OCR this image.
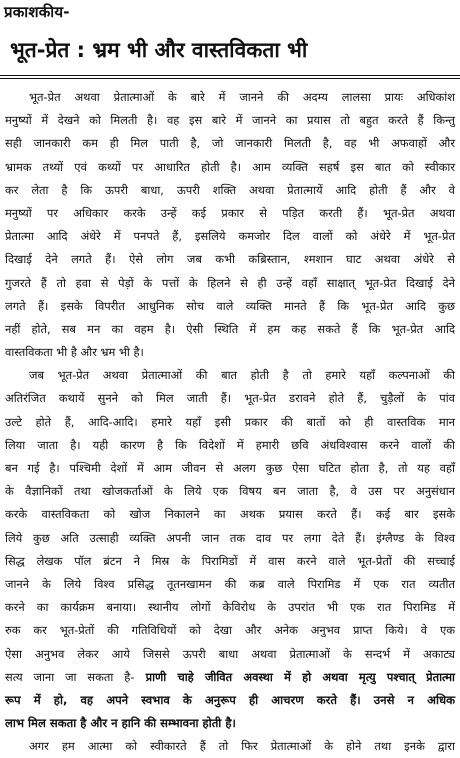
प्रकाशकीय-
भूत-प्रेत : भ्रम भी और वास्तविकता भी
भूत-प्रेत अथवा प्रेतात्माओं के बारे में जानने की अदम्य लालसा प्रायः अधिकांश
मनुष्यों में देखने को मिलती है। वह इस बारे में जानने का प्रयास तो बहुत करते हैं किन्तु
सही जानकारी कम ही मिल पाती है, जो जानकारी मिलती है, वह भी अफवाहों और
भ्रामक तथ्यों एवं कथ्यों पर आधारित होती है। आम व्यक्ति सहर्ष इस बात को स्वीकार
कर लेता है कि ऊपरी बाधा, ऊपरी शक्ति अथवा प्रेतात्मायें आदि होती हैं और वे
मनुष्यों पर अधिकार करके उन्हें कई प्रकार से पड़ित करती हैं। भूत-प्रेत अथवा
प्रेतात्मा आदि अंधेरे में पनपते हैं, इसलिये कमजोर दिल वालों को अंधेरे में भूत-प्रेत
दिखाई देने लगते हैं। ऐसे लोग जब कभी कब्रिस्तान, श्मशान घाट अथवा अंधेरे से
गुजरते हैं तो हवा से पेड़ों के पत्तों के हिलने से ही उन्हें वहाँ साक्षात् भूत-प्रेत दिखाई देने
लगते हैं। इसके विपरीत आधुनिक सोच वाले व्यक्ति मानते हैं कि भूत-प्रेत आदि कुछ
नहीं होते, सब मन का वहम है। ऐसी स्थिति में हम कह सकते हैं कि भूत-प्रेत आदि
वास्तविकता भी है और भ्रम भी है।
जब भूत-प्रेत अथवा प्रेतात्माओं की बात होती है तो हमारे यहाँ कल्पनाओं की
अतिरंजित कथायें सुनने को मिल जाती हैं। भूत-प्रेत डरावने होते हैं, चुड़ैलों के पांव
उल्टे होते हैं, आदि-आदि। हमारे यहाँ इसी प्रकार की बातों को ही वास्तविक मान
लिया जाता है। यही कारण है कि विदेशों में हमारी छवि अंधविश्वास करने वालों की
बन गई है। पश्चिमी देशों में आम जीवन से अलग कुछ ऐसा घटित होता है, तो यह वहाँ
के वैज्ञानिकों तथा खोजकर्ताओं के लिये एक विषय बन जाता है, वे उस पर अनुसंधान
करके वास्तविकता को खोज निकालने का अथक प्रयास करते हैं। कई बार इसके
लिये कुछ अति उत्साही व्यक्ति अपनी जान तक दाव पर लगा देते हैं। इंग्लैण्ड के विश्व
सिद्ध लेखक पॉल ब्रंटन ने मिस्र के पिरामिडों में वास करने वाले भूत-प्रेतों की सच्चाई
जानने के लिये विश्व प्रसिद्ध तूतनखामन की कब्र वाले पिरामिड में एक रात व्यतीत
करने का कार्यक्रम बनाया। स्थानीय लोगों केविरोध के उपरांत भी एक रात पिरामिड में
रुक कर भूत-प्रेतों की गतिविधियों को देखा और अनेक अनुभव प्राप्त किये। वे एक
ऐसा अनुभव लेकर आये जिससे ऊपरी बाधा अथवा प्रेतात्माओं के सन्दर्भ में अकाट्य
सत्य जाना जा सकता है- प्राणी चाहे जीवित अवस्था में हो अथवा मृत्यु पश्चात् प्रेतात्मा
रूप में हो, वह अपने स्वभाव के अनुरूप ही आचरण करते हैं। उनसे न अधिक
लाभ मिल सकता है और न हानि की सम्भावना होती है।
अगर हम आत्मा को स्वीकारते हैं तो फिर प्रेतात्माओं के होने तथा इनके द्वारा
